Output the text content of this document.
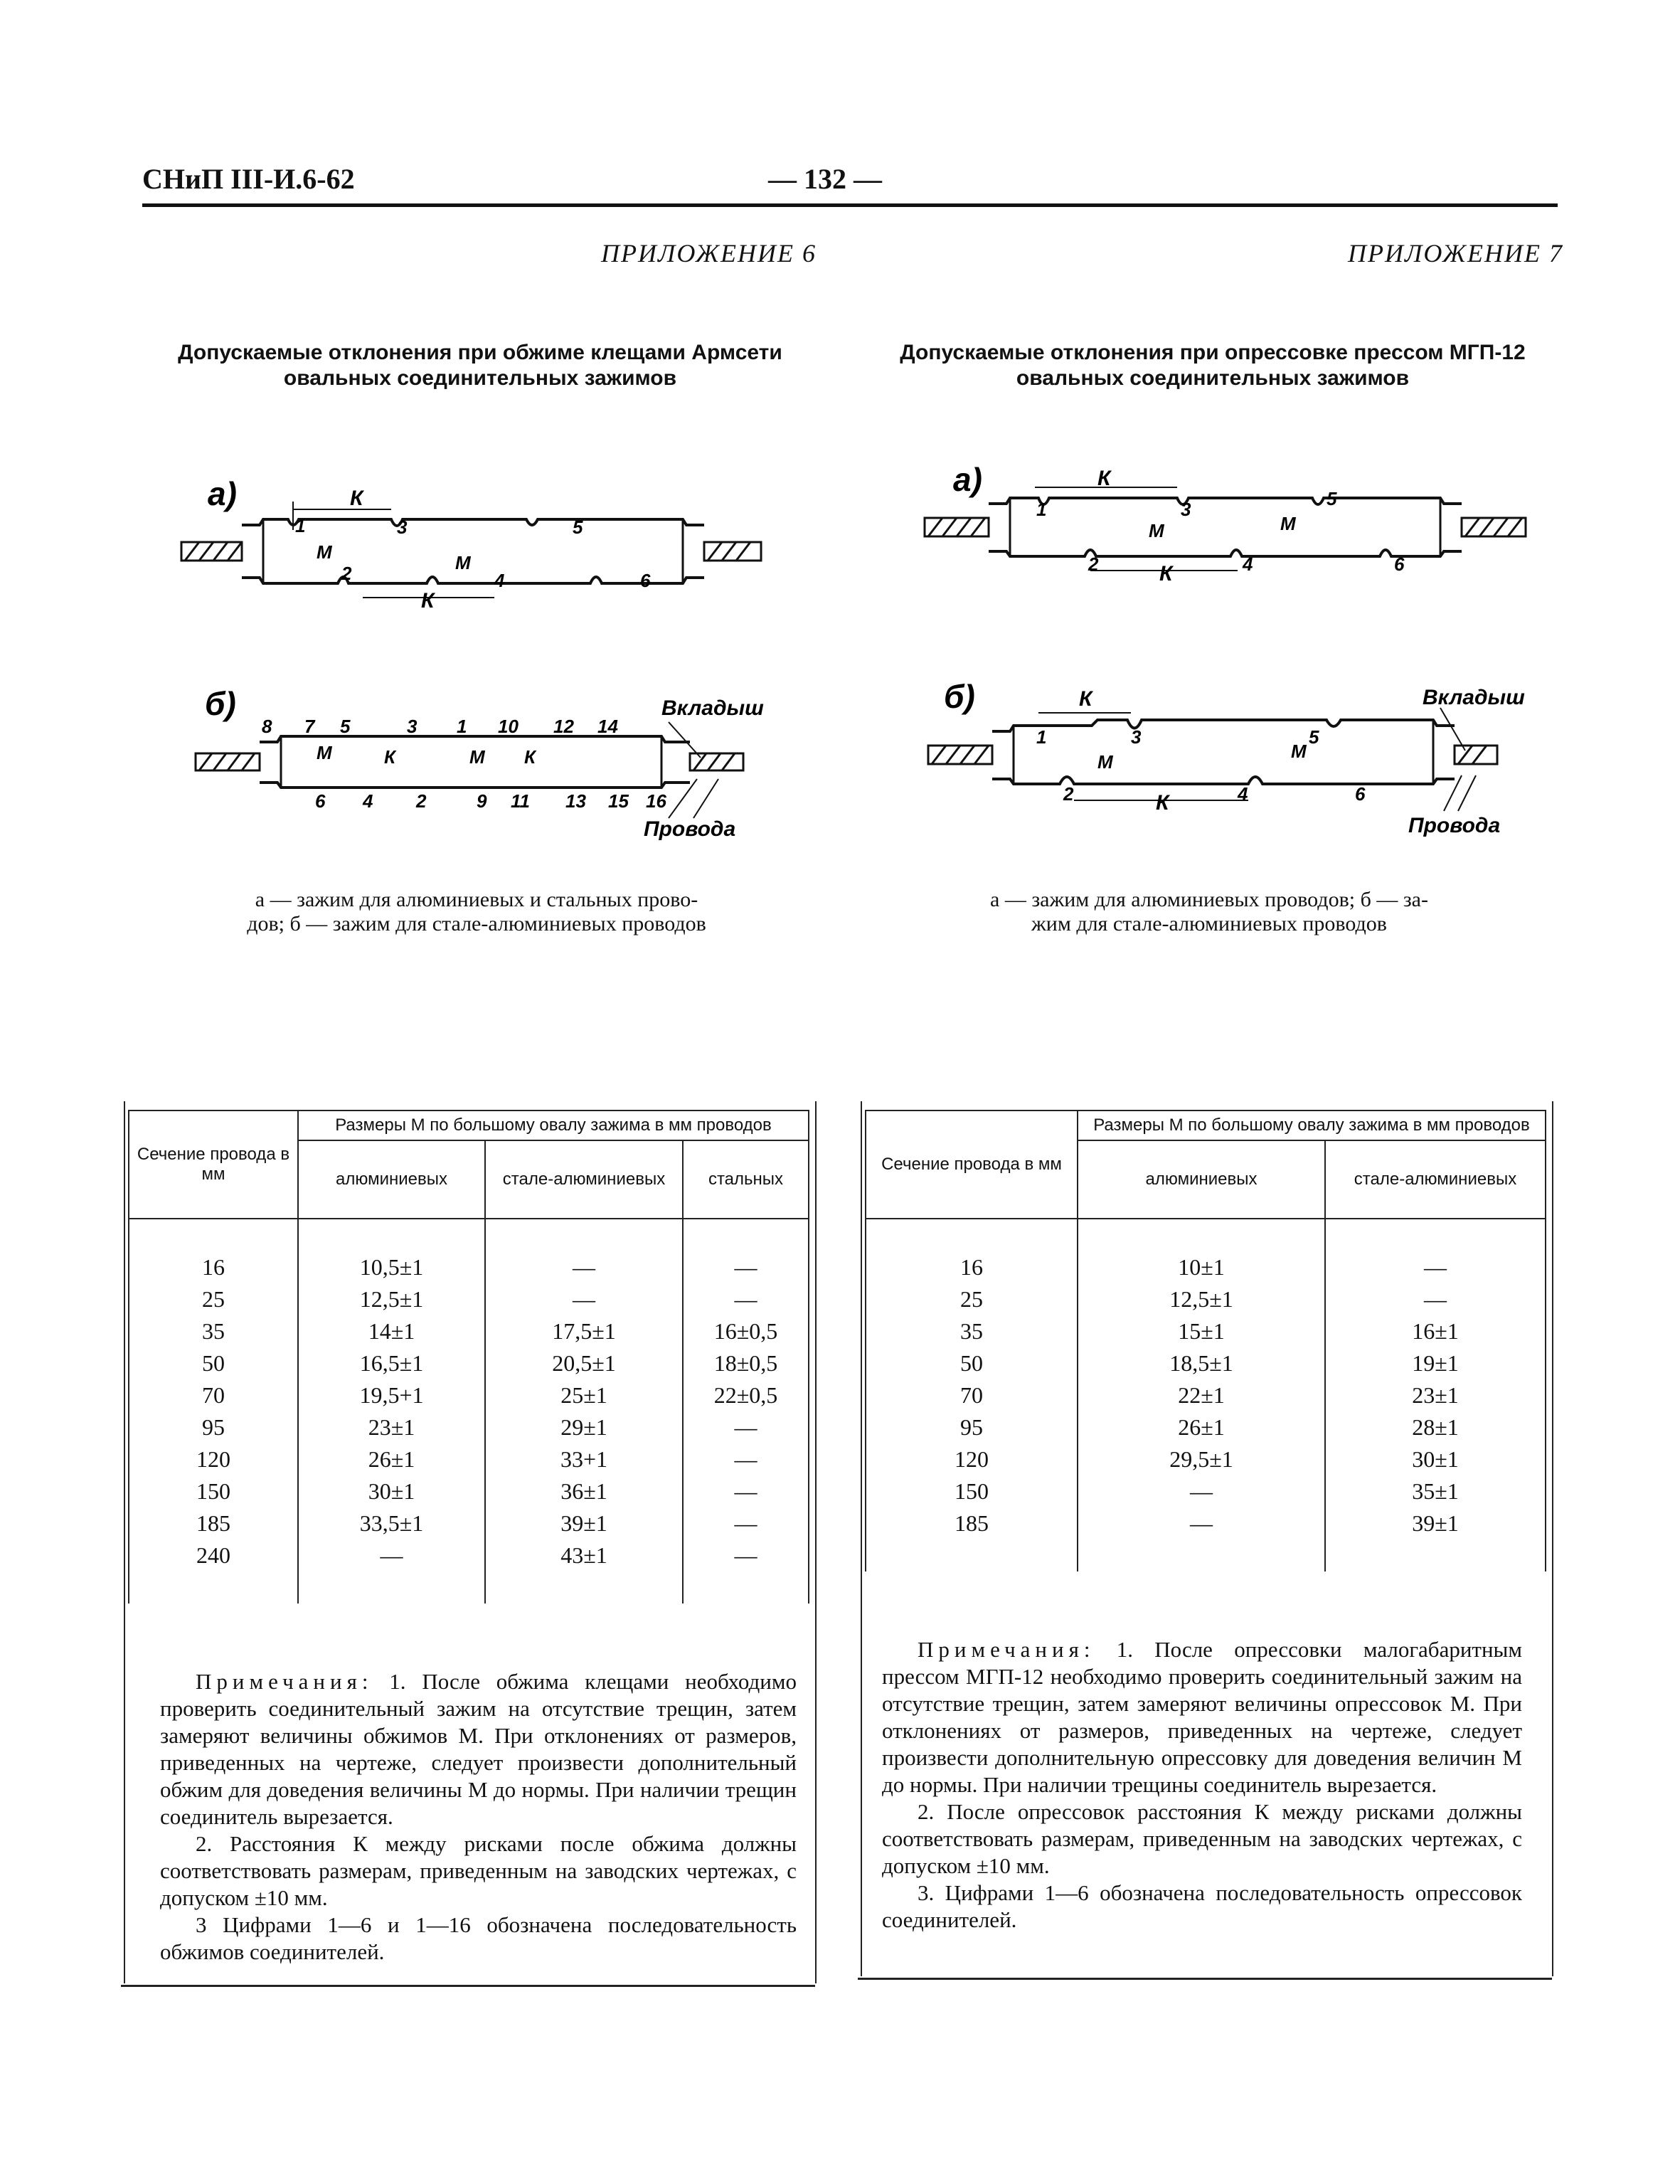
СНиП III-И.6-62	— 132 —
ПРИЛОЖЕНИЕ 6	ПРИЛОЖЕНИЕ 7
Допускаемые отклонения при обжиме клещами Армсети
овальных соединительных зажимов
Допускаемые отклонения при опрессовке прессом МГП-12
овальных соединительных зажимов
а)	К
К
М	М
1
2
3
4
5
6
б)	Вкладыш
Провода
М	М
К	К
8 7 5	3 1 10 12 14
6 4 2	9 11 13 15 16
а — зажим для алюминиевых и стальных прово-
дов; б — зажим для стале-алюминиевых проводов
а)	К
К
М	М
1
2
3
4
5
6
б)	Вкладыш
Провода
К
К
М	М
1
2
3
4
5
6
а — зажим для алюминиевых проводов; б — за-
жим для стале-алюминиевых проводов
Сечение провода в мм	Размеры М по большому овалу зажима в мм проводов		
	алюминиевых	стале-алюминиевых	стальных

16	10,5±1	—	—
25	12,5±1	—	—
35	14±1	17,5±1	16±0,5
50	16,5±1	20,5±1	18±0,5
70	19,5+1	25±1	22±0,5
95	23±1	29±1	—
120	26±1	33+1	—
150	30±1	36±1	—
185	33,5±1	39±1	—
240	—	43±1	—

Примечания: 1. После обжима клещами необходимо проверить соединительный зажим на отсутствие трещин, затем замеряют величины обжимов М. При отклонениях от размеров, приведенных на чертеже, следует произвести дополнительный обжим для доведения величины М до нормы. При наличии трещин соединитель вырезается.

2. Расстояния К между рисками после обжима должны соответствовать размерам, приведенным на заводских чертежах, с допуском ±10 мм.

3 Цифрами 1—6 и 1—16 обозначена последовательность обжимов соединителей.

Сечение провода в мм	Размеры М по большому овалу зажима в мм проводов	
	алюминиевых	стале-алюминиевых

16	10±1	—
25	12,5±1	—
35	15±1	16±1
50	18,5±1	19±1
70	22±1	23±1
95	26±1	28±1
120	29,5±1	30±1
150	—	35±1
185	—	39±1

Примечания: 1. После опрессовки малогабаритным прессом МГП-12 необходимо проверить соединительный зажим на отсутствие трещин, затем замеряют величины опрессовок М. При отклонениях от размеров, приведенных на чертеже, следует произвести дополнительную опрессовку для доведения величин М до нормы. При наличии трещины соединитель вырезается.

2. После опрессовок расстояния К между рисками должны соответствовать размерам, приведенным на заводских чертежах, с допуском ±10 мм.

3. Цифрами 1—6 обозначена последовательность опрессовок соединителей.
